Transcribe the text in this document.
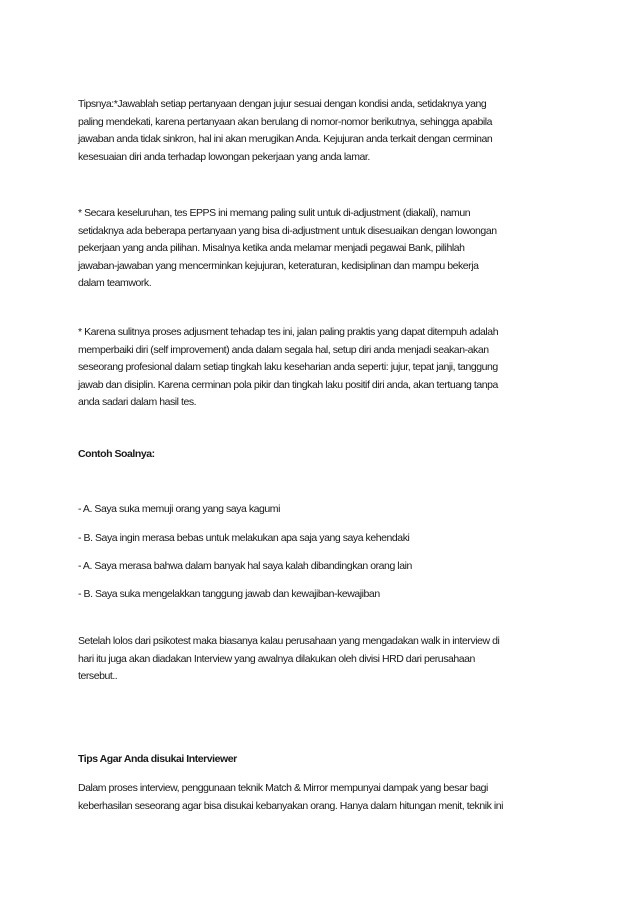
Tipsnya:*Jawablah setiap pertanyaan dengan jujur sesuai dengan kondisi anda, setidaknya yang
paling mendekati, karena pertanyaan akan berulang di nomor-nomor berikutnya, sehingga apabila
jawaban anda tidak sinkron, hal ini akan merugikan Anda. Kejujuran anda terkait dengan cerminan
kesesuaian diri anda terhadap lowongan pekerjaan yang anda lamar.
* Secara keseluruhan, tes EPPS ini memang paling sulit untuk di-adjustment (diakali), namun
setidaknya ada beberapa pertanyaan yang bisa di-adjustment untuk disesuaikan dengan lowongan
pekerjaan yang anda pilihan. Misalnya ketika anda melamar menjadi pegawai Bank, pilihlah
jawaban-jawaban yang mencerminkan kejujuran, keteraturan, kedisiplinan dan mampu bekerja
dalam teamwork.
* Karena sulitnya proses adjusment tehadap tes ini, jalan paling praktis yang dapat ditempuh adalah
memperbaiki diri (self improvement) anda dalam segala hal, setup diri anda menjadi seakan-akan
seseorang profesional dalam setiap tingkah laku keseharian anda seperti: jujur, tepat janji, tanggung
jawab dan disiplin. Karena cerminan pola pikir dan tingkah laku positif diri anda, akan tertuang tanpa
anda sadari dalam hasil tes.
Contoh Soalnya:
- A. Saya suka memuji orang yang saya kagumi
- B. Saya ingin merasa bebas untuk melakukan apa saja yang saya kehendaki
- A. Saya merasa bahwa dalam banyak hal saya kalah dibandingkan orang lain
- B. Saya suka mengelakkan tanggung jawab dan kewajiban-kewajiban
Setelah lolos dari psikotest maka biasanya kalau perusahaan yang mengadakan walk in interview di
hari itu juga akan diadakan Interview yang awalnya dilakukan oleh divisi HRD dari perusahaan
tersebut..
Tips Agar Anda disukai Interviewer
Dalam proses interview, penggunaan teknik Match & Mirror mempunyai dampak yang besar bagi
keberhasilan seseorang agar bisa disukai kebanyakan orang. Hanya dalam hitungan menit, teknik ini
